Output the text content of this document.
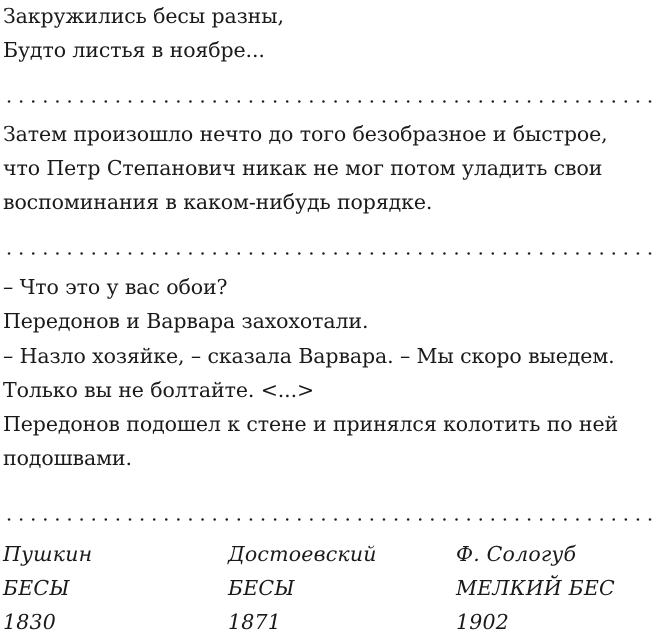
Закружились бесы разны,
Будто листья в ноябре...
Затем произошло нечто до того безобразное и быстрое,
что Петр Степанович никак не мог потом уладить свои
воспоминания в каком-нибудь порядке.
– Что это у вас обои?
Передонов и Варвара захохотали.
– Назло хозяйке, – сказала Варвара. – Мы скоро выедем.
Только вы не болтайте. <...>
Передонов подошел к стене и принялся колотить по ней
подошвами.
Пушкин
БЕСЫ
1830
Достоевский
БЕСЫ
1871
Ф. Сологуб
МЕЛКИЙ БЕС
1902
